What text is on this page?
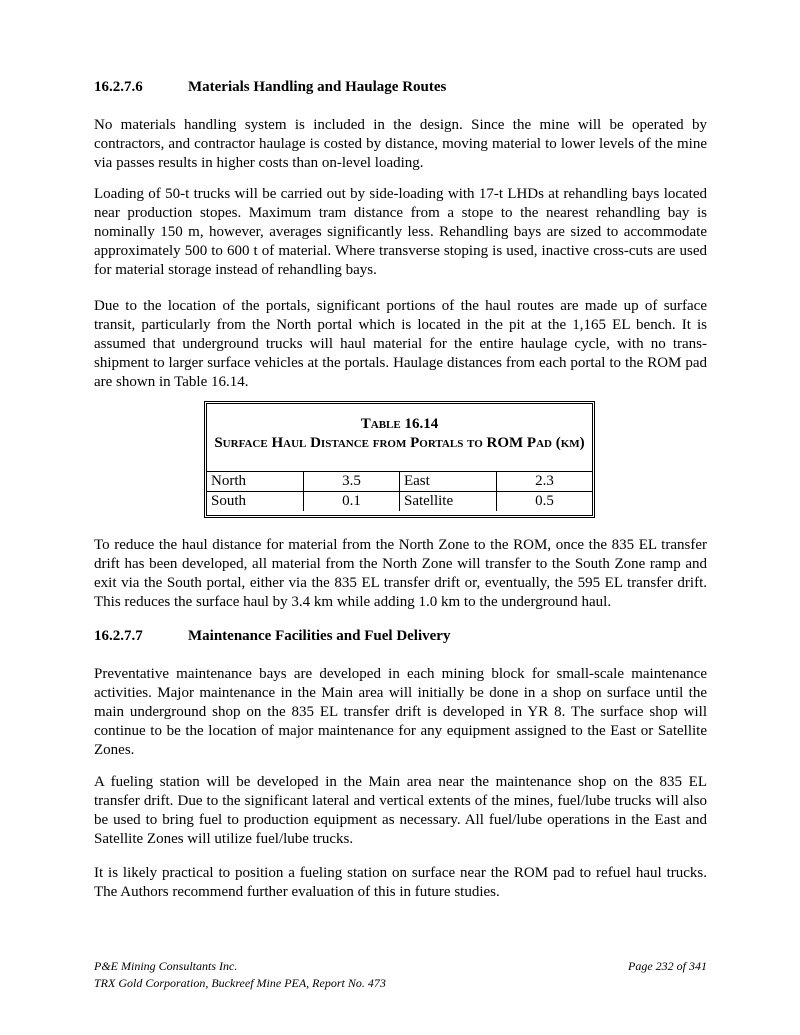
16.2.7.6	Materials Handling and Haulage Routes

No materials handling system is included in the design. Since the mine will be operated by contractors, and contractor haulage is costed by distance, moving material to lower levels of the mine via passes results in higher costs than on-level loading.

Loading of 50-t trucks will be carried out by side-loading with 17-t LHDs at rehandling bays located near production stopes. Maximum tram distance from a stope to the nearest rehandling bay is nominally 150 m, however, averages significantly less. Rehandling bays are sized to accommodate approximately 500 to 600 t of material. Where transverse stoping is used, inactive cross-cuts are used for material storage instead of rehandling bays.

Due to the location of the portals, significant portions of the haul routes are made up of surface transit, particularly from the North portal which is located in the pit at the 1,165 EL bench. It is assumed that underground trucks will haul material for the entire haulage cycle, with no trans-shipment to larger surface vehicles at the portals. Haulage distances from each portal to the ROM pad are shown in Table 16.14.

Table 16.14
Surface Haul Distance from Portals to ROM Pad (km)
North	3.5	East	2.3
South	0.1	Satellite	0.5

To reduce the haul distance for material from the North Zone to the ROM, once the 835 EL transfer drift has been developed, all material from the North Zone will transfer to the South Zone ramp and exit via the South portal, either via the 835 EL transfer drift or, eventually, the 595 EL transfer drift. This reduces the surface haul by 3.4 km while adding 1.0 km to the underground haul.

16.2.7.7	Maintenance Facilities and Fuel Delivery

Preventative maintenance bays are developed in each mining block for small-scale maintenance activities. Major maintenance in the Main area will initially be done in a shop on surface until the main underground shop on the 835 EL transfer drift is developed in YR 8. The surface shop will continue to be the location of major maintenance for any equipment assigned to the East or Satellite Zones.

A fueling station will be developed in the Main area near the maintenance shop on the 835 EL transfer drift. Due to the significant lateral and vertical extents of the mines, fuel/lube trucks will also be used to bring fuel to production equipment as necessary. All fuel/lube operations in the East and Satellite Zones will utilize fuel/lube trucks.

It is likely practical to position a fueling station on surface near the ROM pad to refuel haul trucks. The Authors recommend further evaluation of this in future studies.

P&E Mining Consultants Inc.
TRX Gold Corporation, Buckreef Mine PEA, Report No. 473
Page 232 of 341
